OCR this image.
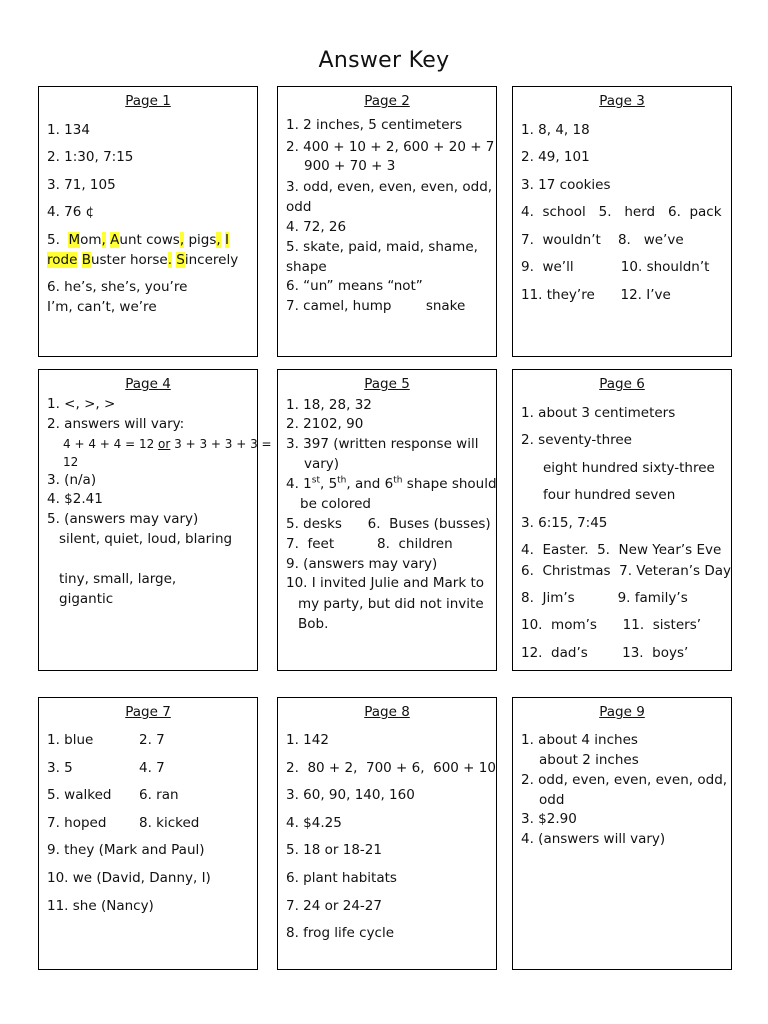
Answer Key
Page 1
1. 134
2. 1:30, 7:15
3. 71, 105
4. 76 ¢
5.  Mom, Aunt cows, pigs, I
rode Buster horse. Sincerely
6. he’s, she’s, you’re
I’m, can’t, we’re
Page 2
1. 2 inches, 5 centimeters
2. 400 + 10 + 2, 600 + 20 + 7
900 + 70 + 3
3. odd, even, even, even, odd,
odd
4. 72, 26
5. skate, paid, maid, shame,
shape
6. “un” means “not”
7. camel, hump        snake
Page 3
1. 8, 4, 18
2. 49, 101
3. 17 cookies
4.  school   5.   herd   6.  pack
7.  wouldn’t    8.   we’ve
9.  we’ll           10. shouldn’t
11. they’re      12. I’ve
Page 4
1. <, >, >
2. answers will vary:
4 + 4 + 4 = 12 or 3 + 3 + 3 + 3 =
12
3. (n/a)
4. $2.41
5. (answers may vary)
silent, quiet, loud, blaring
tiny, small, large,
gigantic
Page 5
1. 18, 28, 32
2. 2102, 90
3. 397 (written response will
vary)
4. 1st, 5th, and 6th shape should
be colored
5. desks      6.  Buses (busses)
7.  feet          8.  children
9. (answers may vary)
10. I invited Julie and Mark to
my party, but did not invite
Bob.
Page 6
1. about 3 centimeters
2. seventy-three
eight hundred sixty-three
four hundred seven
3. 6:15, 7:45
4.  Easter.  5.  New Year’s Eve
6.  Christmas  7. Veteran’s Day
8.  Jim’s          9. family’s
10.  mom’s      11.  sisters’
12.  dad’s        13.  boys’
Page 7
1. blue	2. 7
3. 5	4. 7
5. walked 6. ran
7. hoped 8. kicked
9. they (Mark and Paul)
10. we (David, Danny, I)
11. she (Nancy)
Page 8
1. 142
2.  80 + 2,  700 + 6,  600 + 10
3. 60, 90, 140, 160
4. $4.25
5. 18 or 18-21
6. plant habitats
7. 24 or 24-27
8. frog life cycle
Page 9
1. about 4 inches
about 2 inches
2. odd, even, even, even, odd,
odd
3. $2.90
4. (answers will vary)
